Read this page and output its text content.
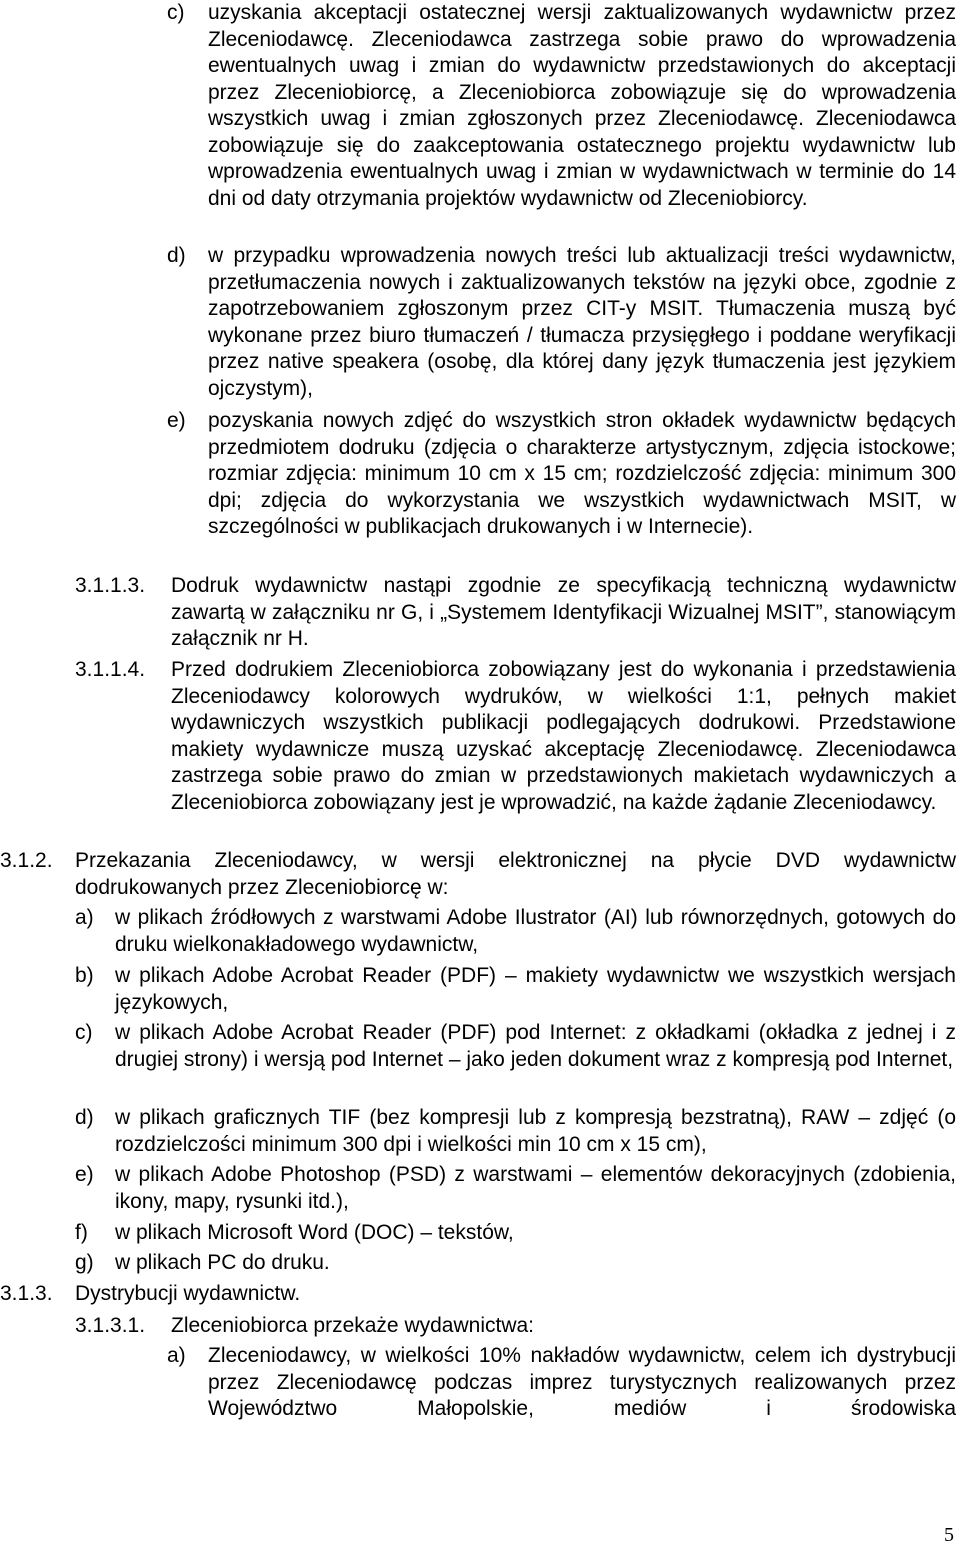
c)	uzyskania akceptacji ostatecznej wersji zaktualizowanych wydawnictw przez Zleceniodawcę. Zleceniodawca zastrzega sobie prawo do wprowadzenia ewentualnych uwag i zmian do wydawnictw przedstawionych do akceptacji przez Zleceniobiorcę, a Zleceniobiorca zobowiązuje się do wprowadzenia wszystkich uwag i zmian zgłoszonych przez Zleceniodawcę. Zleceniodawca zobowiązuje się do zaakceptowania ostatecznego projektu wydawnictw lub wprowadzenia ewentualnych uwag i zmian w wydawnictwach w terminie do 14 dni od daty otrzymania projektów wydawnictw od Zleceniobiorcy.
d)	w przypadku wprowadzenia nowych treści lub aktualizacji treści wydawnictw, przetłumaczenia nowych i zaktualizowanych tekstów na języki obce, zgodnie z zapotrzebowaniem zgłoszonym przez CIT-y MSIT. Tłumaczenia muszą być wykonane przez biuro tłumaczeń / tłumacza przysięgłego i poddane weryfikacji przez native speakera (osobę, dla której dany język tłumaczenia jest językiem ojczystym),
e)	pozyskania nowych zdjęć do wszystkich stron okładek wydawnictw będących przedmiotem dodruku (zdjęcia o charakterze artystycznym, zdjęcia istockowe; rozmiar zdjęcia: minimum 10 cm x 15 cm; rozdzielczość zdjęcia: minimum 300 dpi; zdjęcia do wykorzystania we wszystkich wydawnictwach MSIT, w szczególności w publikacjach drukowanych i w Internecie).
3.1.1.3.	Dodruk wydawnictw nastąpi zgodnie ze specyfikacją techniczną wydawnictw zawartą w załączniku nr G, i „Systemem Identyfikacji Wizualnej MSIT”, stanowiącym załącznik nr H.
3.1.1.4.	Przed dodrukiem Zleceniobiorca zobowiązany jest do wykonania i przedstawienia Zleceniodawcy kolorowych wydruków, w wielkości 1:1, pełnych makiet wydawniczych wszystkich publikacji podlegających dodrukowi. Przedstawione makiety wydawnicze muszą uzyskać akceptację Zleceniodawcę. Zleceniodawca zastrzega sobie prawo do zmian w przedstawionych makietach wydawniczych a Zleceniobiorca zobowiązany jest je wprowadzić, na każde żądanie Zleceniodawcy.
3.1.2.	Przekazania Zleceniodawcy, w wersji elektronicznej na płycie DVD wydawnictw dodrukowanych przez Zleceniobiorcę w:
a)	w plikach źródłowych z warstwami Adobe Ilustrator (AI) lub równorzędnych, gotowych do druku wielkonakładowego wydawnictw,
b)	w plikach Adobe Acrobat Reader (PDF) – makiety wydawnictw we wszystkich wersjach językowych,
c)	w plikach Adobe Acrobat Reader (PDF) pod Internet: z okładkami (okładka z jednej i z drugiej strony) i wersją pod Internet – jako jeden dokument wraz z kompresją pod Internet,
d)	w plikach graficznych TIF (bez kompresji lub z kompresją bezstratną), RAW – zdjęć (o rozdzielczości minimum 300 dpi i wielkości min 10 cm x 15 cm),
e)	w plikach Adobe Photoshop (PSD) z warstwami – elementów dekoracyjnych (zdobienia, ikony, mapy, rysunki itd.),
f)	w plikach Microsoft Word (DOC) – tekstów,
g)	w plikach PC do druku.
3.1.3.	Dystrybucji wydawnictw.
3.1.3.1.	Zleceniobiorca przekaże wydawnictwa:
a)	Zleceniodawcy, w wielkości 10% nakładów wydawnictw, celem ich dystrybucji przez Zleceniodawcę podczas imprez turystycznych realizowanych przez Województwo Małopolskie, mediów i środowiska
5
